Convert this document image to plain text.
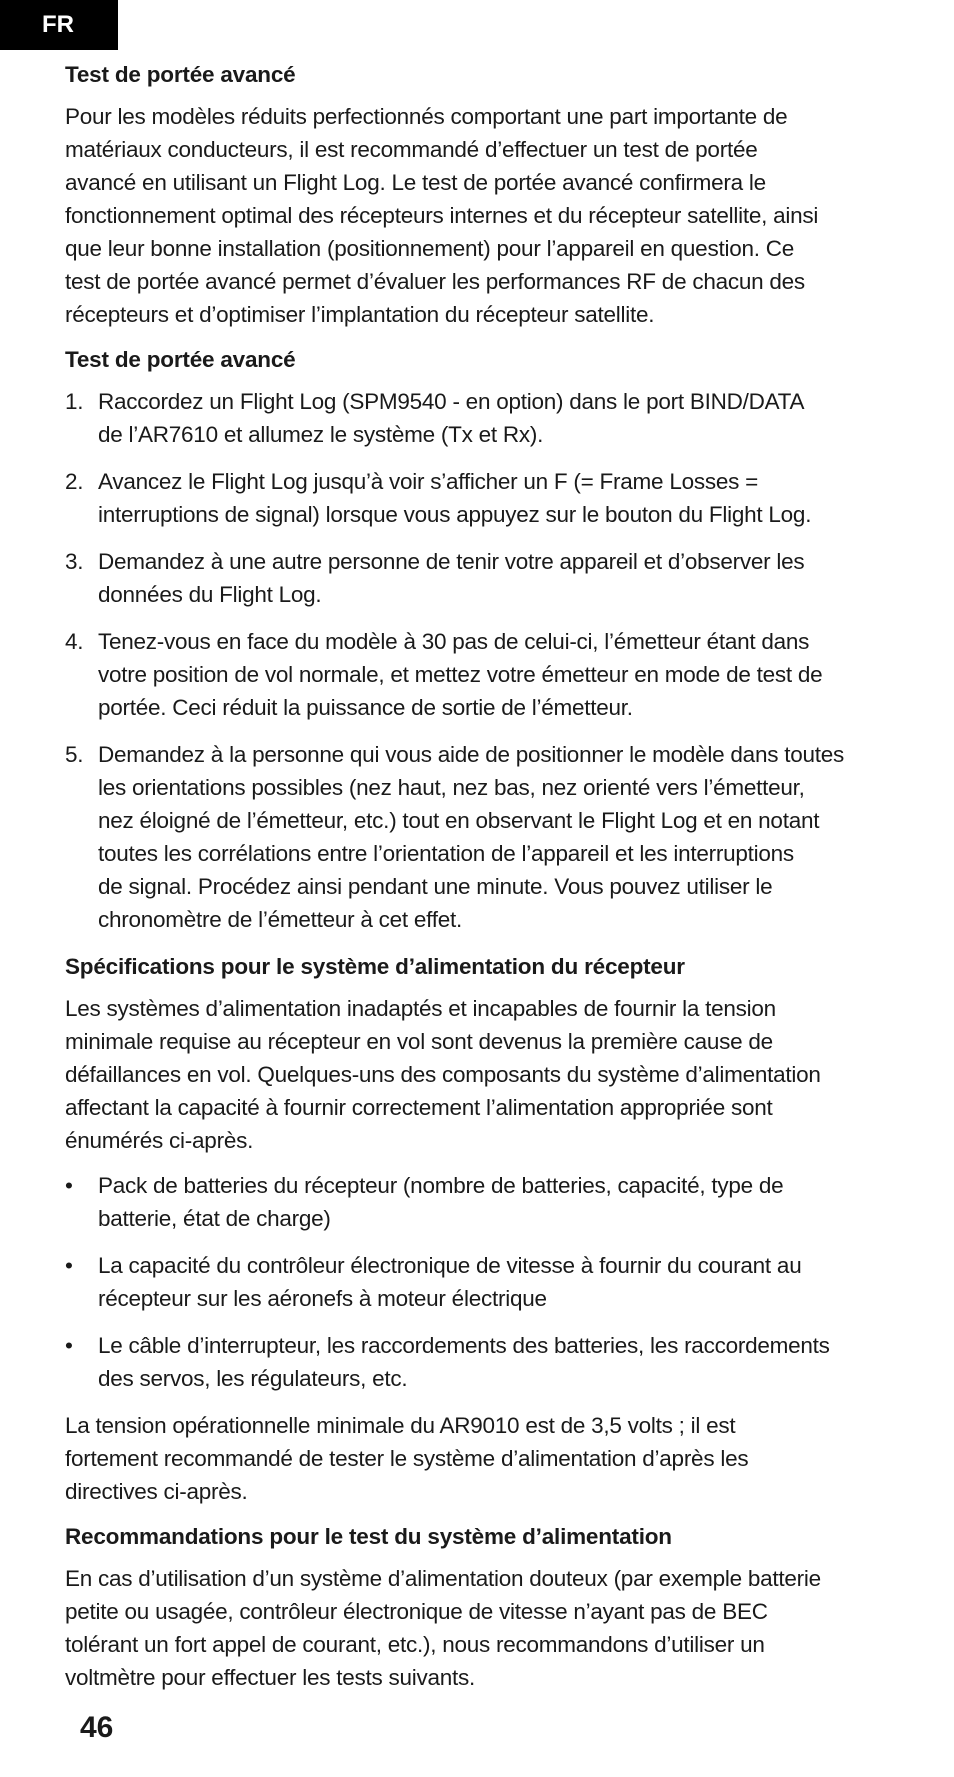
FR
Test de portée avancé
Pour les modèles réduits perfectionnés comportant une part importante de
matériaux conducteurs, il est recommandé d’effectuer un test de portée
avancé en utilisant un Flight Log. Le test de portée avancé confirmera le
fonctionnement optimal des récepteurs internes et du récepteur satellite, ainsi
que leur bonne installation (positionnement) pour l’appareil en question. Ce
test de portée avancé permet d’évaluer les performances RF de chacun des
récepteurs et d’optimiser l’implantation du récepteur satellite.
Test de portée avancé
1. Raccordez un Flight Log (SPM9540 - en option) dans le port BIND/DATA
de l’AR7610 et allumez le système (Tx et Rx).
2. Avancez le Flight Log jusqu’à voir s’afficher un F (= Frame Losses =
interruptions de signal) lorsque vous appuyez sur le bouton du Flight Log.
3. Demandez à une autre personne de tenir votre appareil et d’observer les
données du Flight Log.
4. Tenez-vous en face du modèle à 30 pas de celui-ci, l’émetteur étant dans
votre position de vol normale, et mettez votre émetteur en mode de test de
portée. Ceci réduit la puissance de sortie de l’émetteur.
5. Demandez à la personne qui vous aide de positionner le modèle dans toutes
les orientations possibles (nez haut, nez bas, nez orienté vers l’émetteur,
nez éloigné de l’émetteur, etc.) tout en observant le Flight Log et en notant
toutes les corrélations entre l’orientation de l’appareil et les interruptions
de signal. Procédez ainsi pendant une minute. Vous pouvez utiliser le
chronomètre de l’émetteur à cet effet.
Spécifications pour le système d’alimentation du récepteur
Les systèmes d’alimentation inadaptés et incapables de fournir la tension
minimale requise au récepteur en vol sont devenus la première cause de
défaillances en vol. Quelques-uns des composants du système d’alimentation
affectant la capacité à fournir correctement l’alimentation appropriée sont
énumérés ci-après.
• Pack de batteries du récepteur (nombre de batteries, capacité, type de
batterie, état de charge)
• La capacité du contrôleur électronique de vitesse à fournir du courant au
récepteur sur les aéronefs à moteur électrique
• Le câble d’interrupteur, les raccordements des batteries, les raccordements
des servos, les régulateurs, etc.
La tension opérationnelle minimale du AR9010 est de 3,5 volts ; il est
fortement recommandé de tester le système d’alimentation d’après les
directives ci-après.
Recommandations pour le test du système d’alimentation
En cas d’utilisation d’un système d’alimentation douteux (par exemple batterie
petite ou usagée, contrôleur électronique de vitesse n’ayant pas de BEC
tolérant un fort appel de courant, etc.), nous recommandons d’utiliser un
voltmètre pour effectuer les tests suivants.
46
